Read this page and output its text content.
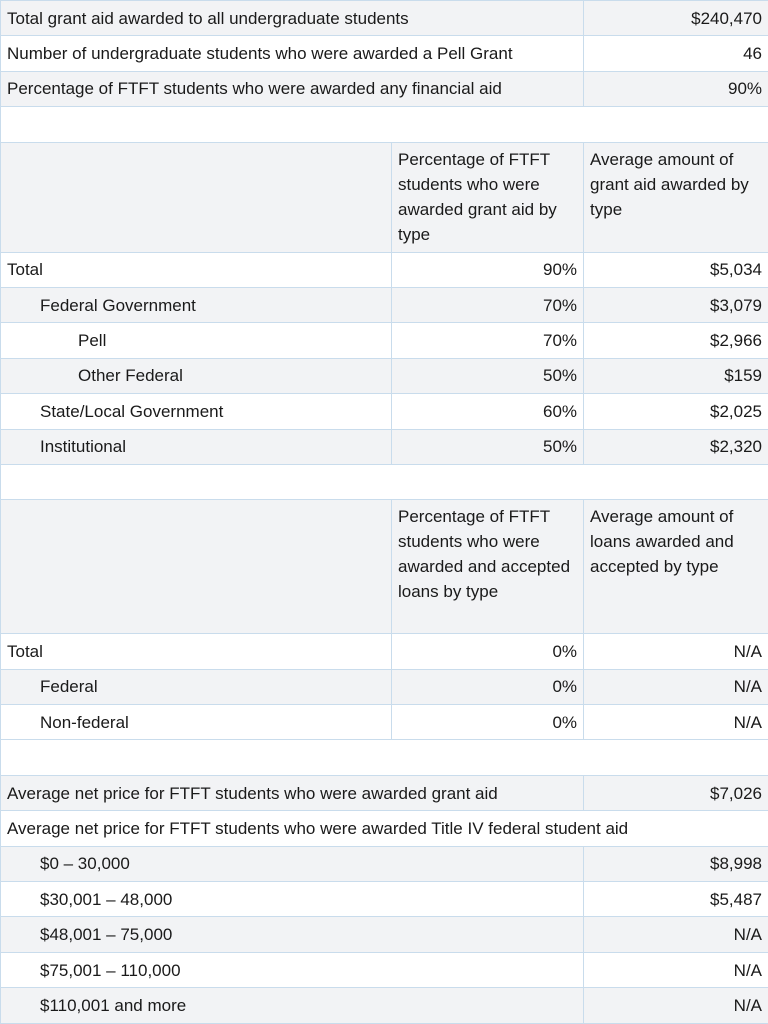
Total grant aid awarded to all undergraduate students		$240,470
Number of undergraduate students who were awarded a Pell Grant		46
Percentage of FTFT students who were awarded any financial aid		90%

	Percentage of FTFT students who were awarded grant aid by type	Average amount of grant aid awarded by type
Total	90%	$5,034
Federal Government	70%	$3,079
Pell	70%	$2,966
Other Federal	50%	$159
State/Local Government	60%	$2,025
Institutional	50%	$2,320

	Percentage of FTFT students who were awarded and accepted loans by type	Average amount of loans awarded and accepted by type
Total	0%	N/A
Federal	0%	N/A
Non-federal	0%	N/A

Average net price for FTFT students who were awarded grant aid		$7,026
Average net price for FTFT students who were awarded Title IV federal student aid		
$0 – 30,000		$8,998
$30,001 – 48,000		$5,487
$48,001 – 75,000		N/A
$75,001 – 110,000		N/A
$110,001 and more		N/A
